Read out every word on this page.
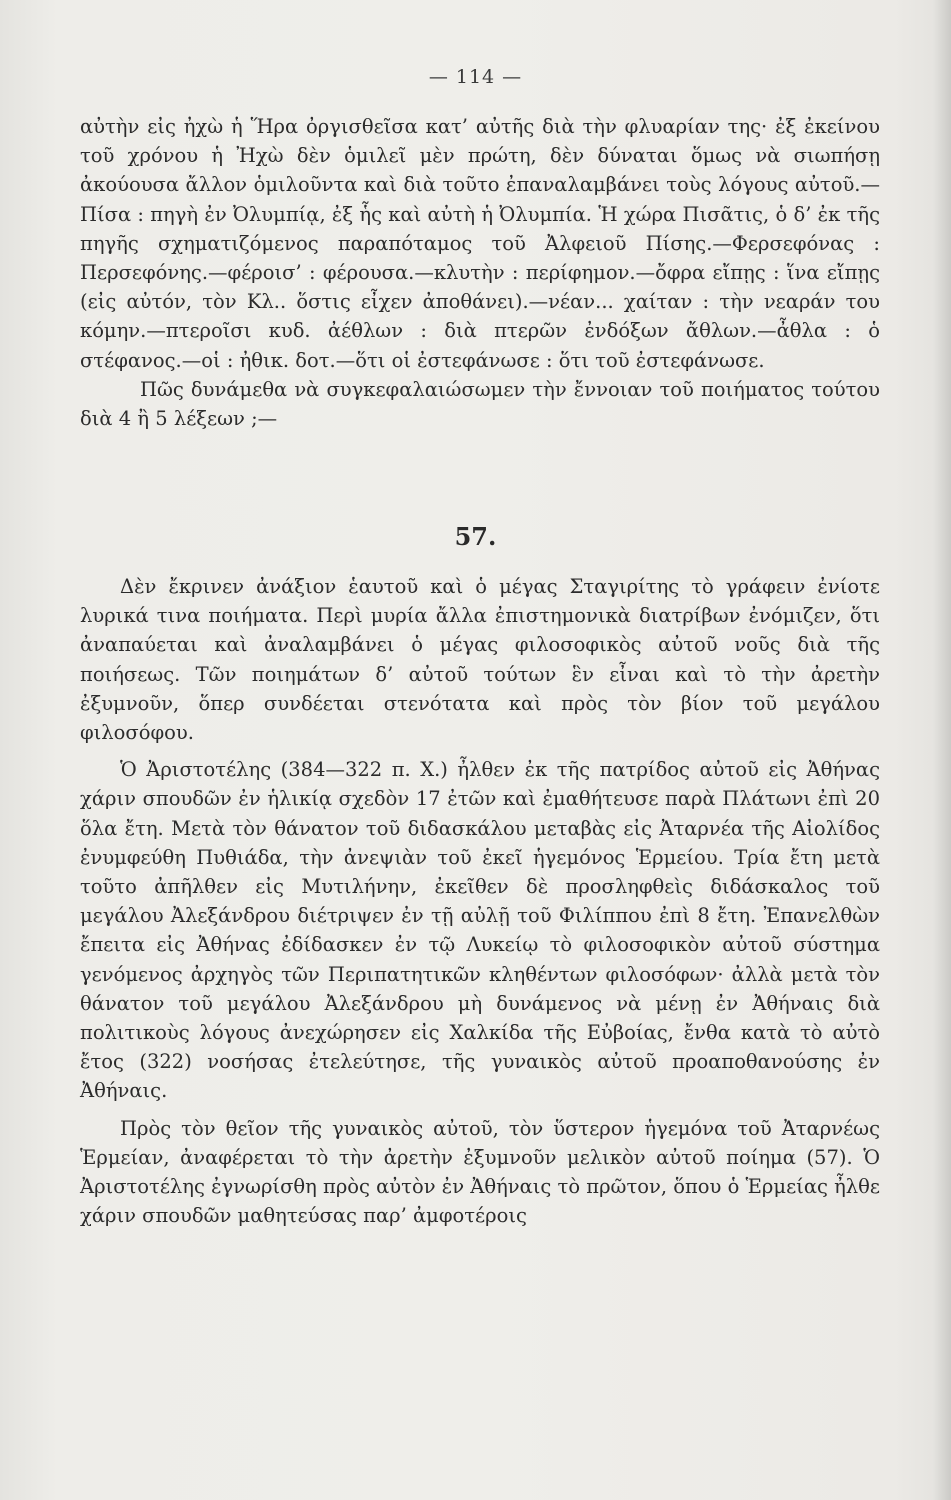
— 114 —

αὐτὴν εἰς ἠχὼ ἡ Ἥρα ὀργισθεῖσα κατ’ αὐτῆς διὰ τὴν φλυαρίαν της· ἐξ ἐκείνου τοῦ χρόνου ἡ Ἠχὼ δὲν ὁμιλεῖ μὲν πρώτη, δὲν δύναται ὅμως νὰ σιωπήσῃ ἀκούουσα ἄλλον ὁμιλοῦντα καὶ διὰ τοῦτο ἐπαναλαμβάνει τοὺς λόγους αὐτοῦ.—Πίσα : πηγὴ ἐν Ὀλυμπίᾳ, ἐξ ἧς καὶ αὐτὴ ἡ Ὀλυμπία. Ἡ χώρα Πισᾶτις, ὁ δ’ ἐκ τῆς πηγῆς σχηματιζόμενος παραπόταμος τοῦ Ἀλφειοῦ Πίσης.—Φερσεφόνας : Περσεφόνης.—φέροισ’ : φέρουσα.—κλυτὴν : περίφημον.—ὄφρα εἴπῃς : ἵνα εἴπῃς (εἰς αὐτόν, τὸν Κλ.. ὅστις εἶχεν ἀποθάνει).—νέαν... χαίταν : τὴν νεαράν του κόμην.—πτεροῖσι κυδ. ἀέθλων : διὰ πτερῶν ἐνδόξων ἄθλων.—ἆθλα : ὁ στέφανος.—οἱ : ἠθικ. δοτ.—ὅτι οἱ ἐστεφάνωσε : ὅτι τοῦ ἐστεφάνωσε.

Πῶς δυνάμεθα νὰ συγκεφαλαιώσωμεν τὴν ἔννοιαν τοῦ ποιήματος τούτου διὰ 4 ἢ 5 λέξεων ;—

57.

Δὲν ἔκρινεν ἀνάξιον ἑαυτοῦ καὶ ὁ μέγας Σταγιρίτης τὸ γράφειν ἐνίοτε λυρικά τινα ποιήματα. Περὶ μυρία ἄλλα ἐπιστημονικὰ διατρίβων ἐνόμιζεν, ὅτι ἀναπαύεται καὶ ἀναλαμβάνει ὁ μέγας φιλοσοφικὸς αὐτοῦ νοῦς διὰ τῆς ποιήσεως. Τῶν ποιημάτων δ’ αὐτοῦ τούτων ἓν εἶναι καὶ τὸ τὴν ἀρετὴν ἐξυμνοῦν, ὅπερ συνδέεται στενότατα καὶ πρὸς τὸν βίον τοῦ μεγάλου φιλοσόφου.

Ὁ Ἀριστοτέλης (384—322 π. Χ.) ἦλθεν ἐκ τῆς πατρίδος αὐτοῦ εἰς Ἀθήνας χάριν σπουδῶν ἐν ἡλικίᾳ σχεδὸν 17 ἐτῶν καὶ ἐμαθήτευσε παρὰ Πλάτωνι ἐπὶ 20 ὅλα ἔτη. Μετὰ τὸν θάνατον τοῦ διδασκάλου μεταβὰς εἰς Ἀταρνέα τῆς Αἰολίδος ἐνυμφεύθη Πυθιάδα, τὴν ἀνεψιὰν τοῦ ἐκεῖ ἡγεμόνος Ἑρμείου. Τρία ἔτη μετὰ τοῦτο ἀπῆλθεν εἰς Μυτιλήνην, ἐκεῖθεν δὲ προσληφθεὶς διδάσκαλος τοῦ μεγάλου Ἀλεξάνδρου διέτριψεν ἐν τῇ αὐλῇ τοῦ Φιλίππου ἐπὶ 8 ἔτη. Ἐπανελθὼν ἔπειτα εἰς Ἀθήνας ἐδίδασκεν ἐν τῷ Λυκείῳ τὸ φιλοσοφικὸν αὐτοῦ σύστημα γενόμενος ἀρχηγὸς τῶν Περιπατητικῶν κληθέντων φιλοσόφων· ἀλλὰ μετὰ τὸν θάνατον τοῦ μεγάλου Ἀλεξάνδρου μὴ δυνάμενος νὰ μένῃ ἐν Ἀθήναις διὰ πολιτικοὺς λόγους ἀνεχώρησεν εἰς Χαλκίδα τῆς Εὐβοίας, ἔνθα κατὰ τὸ αὐτὸ ἔτος (322) νοσήσας ἐτελεύτησε, τῆς γυναικὸς αὐτοῦ προαποθανούσης ἐν Ἀθήναις.

Πρὸς τὸν θεῖον τῆς γυναικὸς αὐτοῦ, τὸν ὕστερον ἡγεμόνα τοῦ Ἀταρνέως Ἑρμείαν, ἀναφέρεται τὸ τὴν ἀρετὴν ἐξυμνοῦν μελικὸν αὐτοῦ ποίημα (57). Ὁ Ἀριστοτέλης ἐγνωρίσθη πρὸς αὐτὸν ἐν Ἀθήναις τὸ πρῶτον, ὅπου ὁ Ἑρμείας ἦλθε χάριν σπουδῶν μαθητεύσας παρ’ ἀμφοτέροις
